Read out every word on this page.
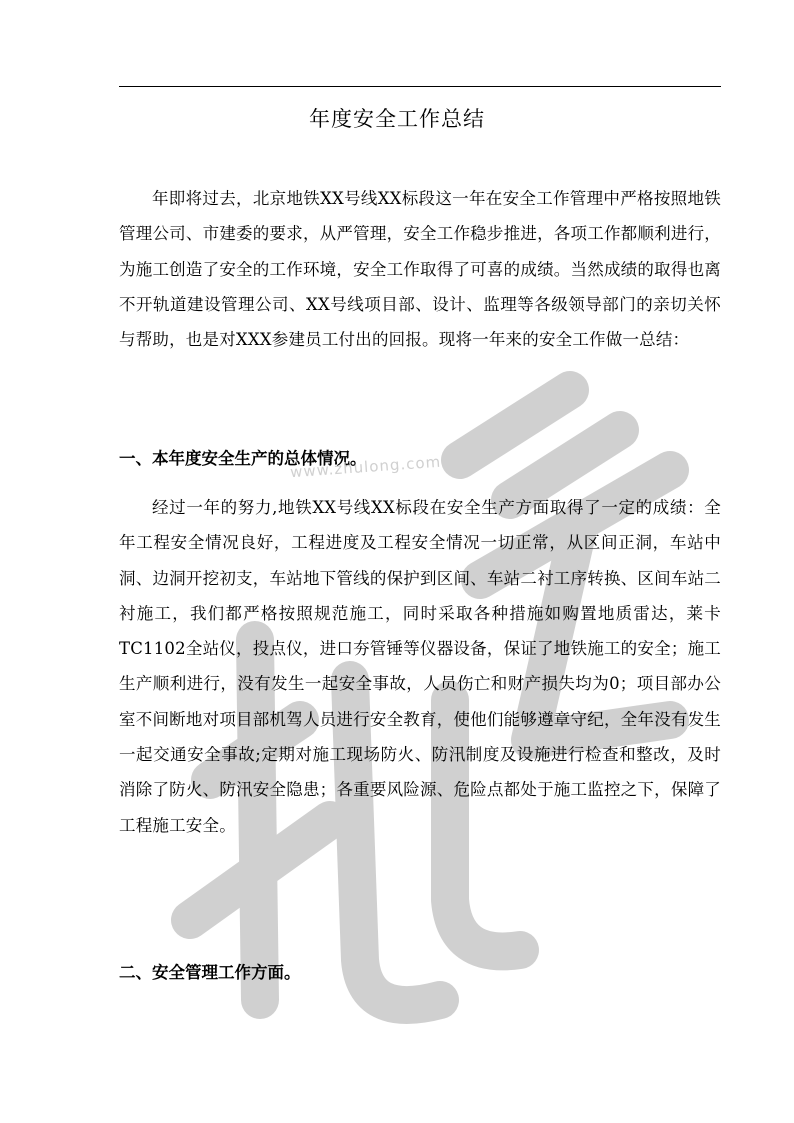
年度安全工作总结

年即将过去，北京地铁XX号线XX标段这一年在安全工作管理中严格按照地铁管理公司、市建委的要求，从严管理，安全工作稳步推进，各项工作都顺利进行，为施工创造了安全的工作环境，安全工作取得了可喜的成绩。当然成绩的取得也离不开轨道建设管理公司、XX号线项目部、设计、监理等各级领导部门的亲切关怀与帮助，也是对XXX参建员工付出的回报。现将一年来的安全工作做一总结：

一、本年度安全生产的总体情况。

经过一年的努力,地铁XX号线XX标段在安全生产方面取得了一定的成绩：全年工程安全情况良好，工程进度及工程安全情况一切正常，从区间正洞，车站中洞、边洞开挖初支，车站地下管线的保护到区间、车站二衬工序转换、区间车站二衬施工，我们都严格按照规范施工，同时采取各种措施如购置地质雷达，莱卡TC1102全站仪，投点仪，进口夯管锤等仪器设备，保证了地铁施工的安全；施工生产顺利进行，没有发生一起安全事故，人员伤亡和财产损失均为0；项目部办公室不间断地对项目部机驾人员进行安全教育，使他们能够遵章守纪，全年没有发生一起交通安全事故;定期对施工现场防火、防汛制度及设施进行检查和整改，及时消除了防火、防汛安全隐患；各重要风险源、危险点都处于施工监控之下，保障了工程施工安全。

二、安全管理工作方面。
www.zhulong.com
